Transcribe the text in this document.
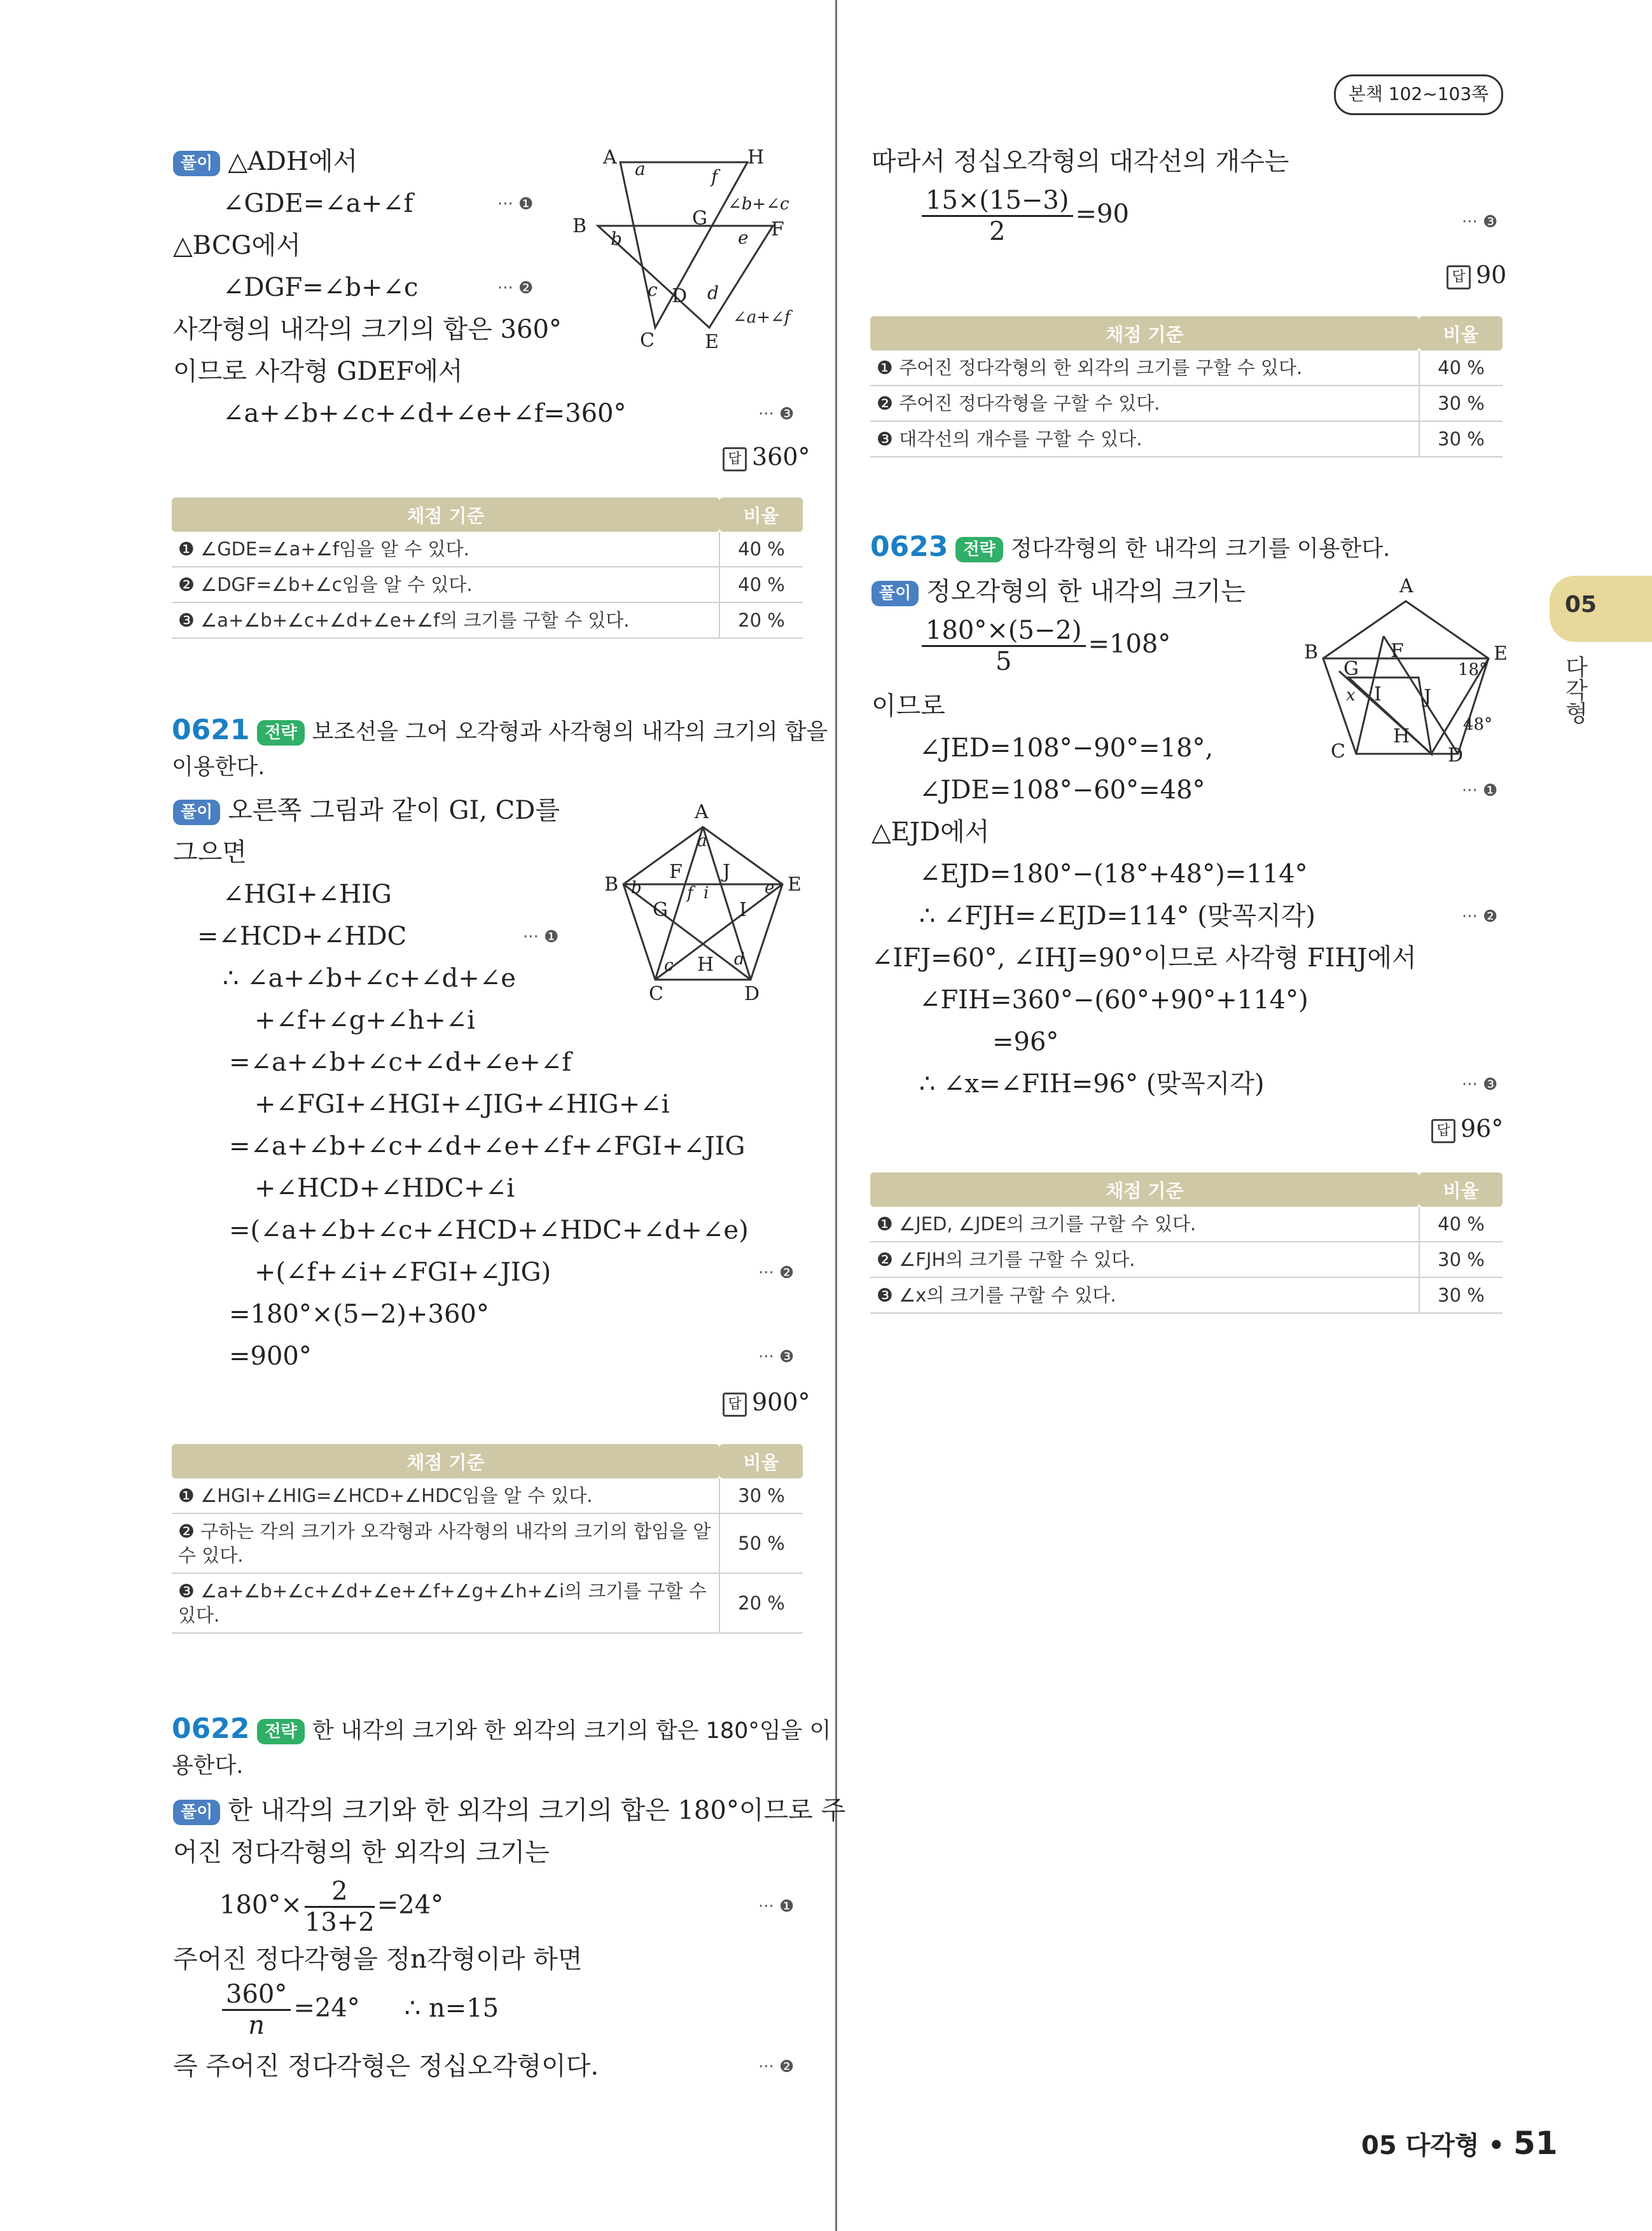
본책 102~103쪽
05
다각형
풀이 △ADH에서
∠GDE=∠a+∠f	··· ❶
△BCG에서
∠DGF=∠b+∠c	··· ❷
사각형의 내각의 크기의 합은 360°
이므로 사각형 GDEF에서
∠a+∠b+∠c+∠d+∠e+∠f=360°	··· ❸
답 360°
A	H
B	F
G
D
C	E
a	f
b	e
c	d
∠b+∠c
∠a+∠f
채점 기준	비율
❶ ∠GDE=∠a+∠f임을 알 수 있다.	40 %
❷ ∠DGF=∠b+∠c임을 알 수 있다.	40 %
❸ ∠a+∠b+∠c+∠d+∠e+∠f의 크기를 구할 수 있다.	20 %
0621 전략 보조선을 그어 오각형과 사각형의 내각의 크기의 합을
이용한다.
풀이 오른쪽 그림과 같이 GI, CD를
그으면
∠HGI+∠HIG
=∠HCD+∠HDC	··· ❶
∴ ∠a+∠b+∠c+∠d+∠e
+∠f+∠g+∠h+∠i
=∠a+∠b+∠c+∠d+∠e+∠f
+∠FGI+∠HGI+∠JIG+∠HIG+∠i
=∠a+∠b+∠c+∠d+∠e+∠f+∠FGI+∠JIG
+∠HCD+∠HDC+∠i
=(∠a+∠b+∠c+∠HCD+∠HDC+∠d+∠e)
+(∠f+∠i+∠FGI+∠JIG)	··· ❷
=180°×(5−2)+360°
=900°	··· ❸
답 900°
A
B	E
F J
G	I
H
C	D
a
b	e
f i
c	d
채점 기준	비율
❶ ∠HGI+∠HIG=∠HCD+∠HDC임을 알 수 있다.	30 %
❷ 구하는 각의 크기가 오각형과 사각형의 내각의 크기의 합임을 알 수 있다.	50 %
❸ ∠a+∠b+∠c+∠d+∠e+∠f+∠g+∠h+∠i의 크기를 구할 수 있다.	20 %
0622 전략 한 내각의 크기와 한 외각의 크기의 합은 180°임을 이
용한다.
풀이 한 내각의 크기와 한 외각의 크기의 합은 180°이므로 주
어진 정다각형의 한 외각의 크기는
$180^\circ\times \frac{2}{13+2} =24^\circ$	··· ❶
주어진 정다각형을 정n각형이라 하면
$\frac{360^\circ}{n} =24^\circ$ ∴ n=15
즉 주어진 정다각형은 정십오각형이다.	··· ❷
따라서 정십오각형의 대각선의 개수는
$\frac{15\times(15-3)}{2} =90$	··· ❸
답 90
채점 기준	비율
❶ 주어진 정다각형의 한 외각의 크기를 구할 수 있다.	40 %
❷ 주어진 정다각형을 구할 수 있다.	30 %
❸ 대각선의 개수를 구할 수 있다.	30 %
0623 전략 정다각형의 한 내각의 크기를 이용한다.
풀이 정오각형의 한 내각의 크기는
$\frac{180^\circ\times(5-2)}{5} =108^\circ$
이므로
∠JED=108°−90°=18°,
∠JDE=108°−60°=48°	··· ❶
△EJD에서
∠EJD=180°−(18°+48°)=114°
∴ ∠FJH=∠EJD=114° (맞꼭지각)	··· ❷
∠IFJ=60°, ∠IHJ=90°이므로 사각형 FIHJ에서
∠FIH=360°−(60°+90°+114°)
=96°
∴ ∠x=∠FIH=96° (맞꼭지각)	··· ❸
답 96°
A
B	E
F
G
J
I
H
C	D
18°
48°
x
채점 기준	비율
❶ ∠JED, ∠JDE의 크기를 구할 수 있다.	40 %
❷ ∠FJH의 크기를 구할 수 있다.	30 %
❸ ∠x의 크기를 구할 수 있다.	30 %
05 다각형 • 51
